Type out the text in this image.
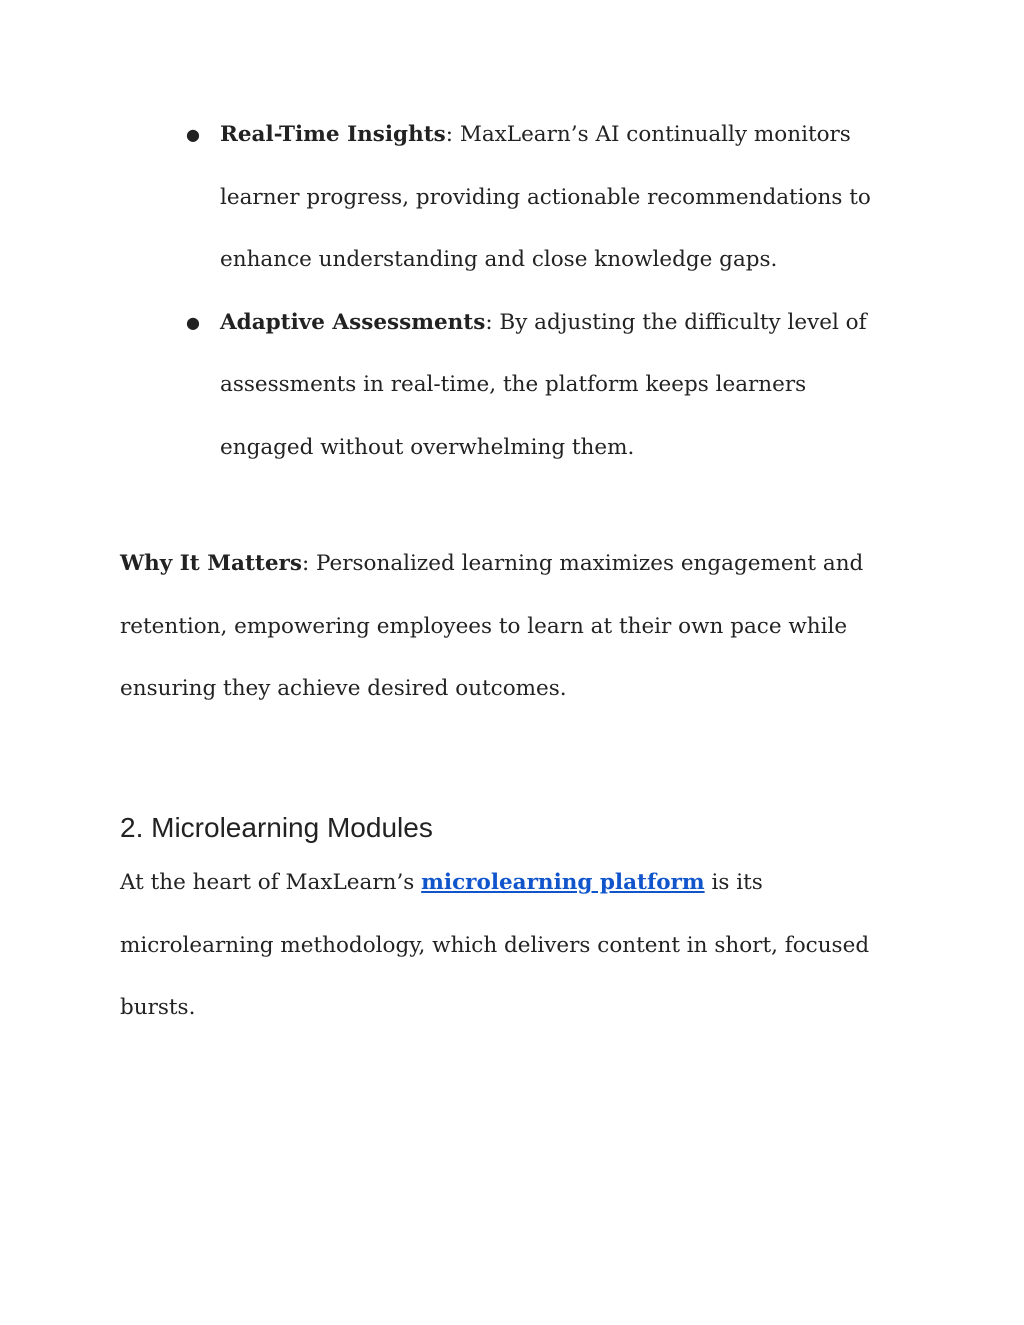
● Real-Time Insights: MaxLearn’s AI continually monitors learner progress, providing actionable recommendations to enhance understanding and close knowledge gaps.
● Adaptive Assessments: By adjusting the difficulty level of assessments in real-time, the platform keeps learners engaged without overwhelming them.

Why It Matters: Personalized learning maximizes engagement and retention, empowering employees to learn at their own pace while ensuring they achieve desired outcomes.

2. Microlearning Modules

At the heart of MaxLearn’s microlearning platform is its microlearning methodology, which delivers content in short, focused bursts.
